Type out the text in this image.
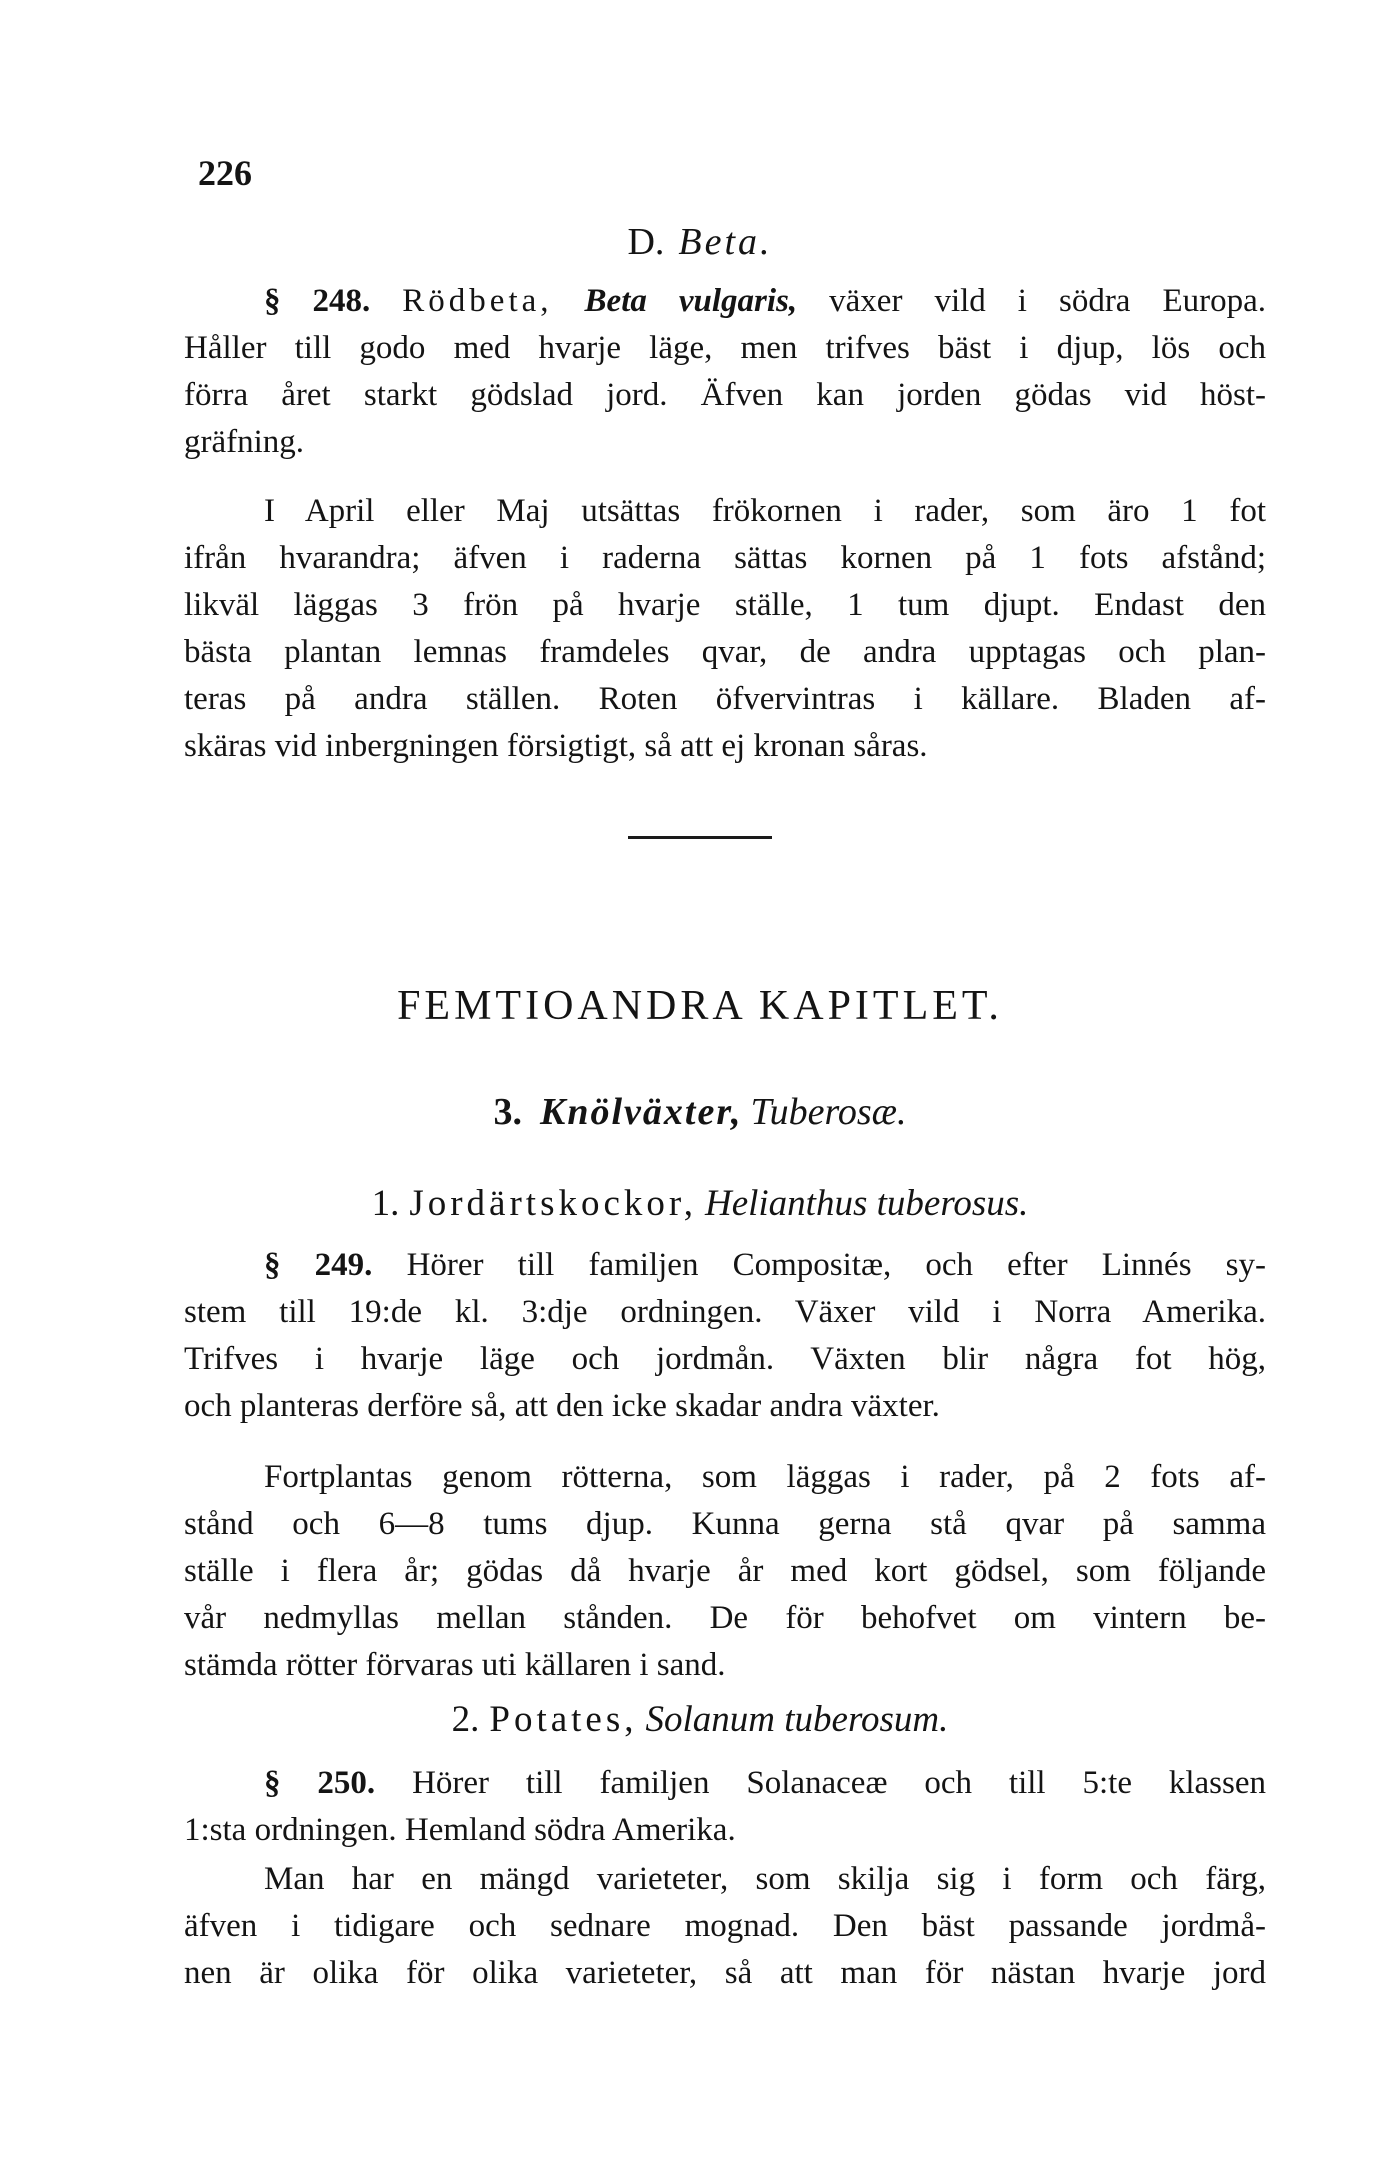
226
D. Beta.
§ 248. Rödbeta, Beta vulgaris, växer vild i södra Europa.
Håller till godo med hvarje läge, men trifves bäst i djup, lös och
förra året starkt gödslad jord. Äfven kan jorden gödas vid höst-
gräfning.
I April eller Maj utsättas frökornen i rader, som äro 1 fot
ifrån hvarandra; äfven i raderna sättas kornen på 1 fots afstånd;
likväl läggas 3 frön på hvarje ställe, 1 tum djupt. Endast den
bästa plantan lemnas framdeles qvar, de andra upptagas och plan-
teras på andra ställen. Roten öfvervintras i källare. Bladen af-
skäras vid inbergningen försigtigt, så att ej kronan såras.
FEMTIOANDRA KAPITLET.
3. Knölväxter, Tuberosæ.
1. Jordärtskockor, Helianthus tuberosus.
§ 249. Hörer till familjen Compositæ, och efter Linnés sy-
stem till 19:de kl. 3:dje ordningen. Växer vild i Norra Amerika.
Trifves i hvarje läge och jordmån. Växten blir några fot hög,
och planteras derföre så, att den icke skadar andra växter.
Fortplantas genom rötterna, som läggas i rader, på 2 fots af-
stånd och 6—8 tums djup. Kunna gerna stå qvar på samma
ställe i flera år; gödas då hvarje år med kort gödsel, som följande
vår nedmyllas mellan stånden. De för behofvet om vintern be-
stämda rötter förvaras uti källaren i sand.
2. Potates, Solanum tuberosum.
§ 250. Hörer till familjen Solanaceæ och till 5:te klassen
1:sta ordningen. Hemland södra Amerika.
Man har en mängd varieteter, som skilja sig i form och färg,
äfven i tidigare och sednare mognad. Den bäst passande jordmå-
nen är olika för olika varieteter, så att man för nästan hvarje jord
